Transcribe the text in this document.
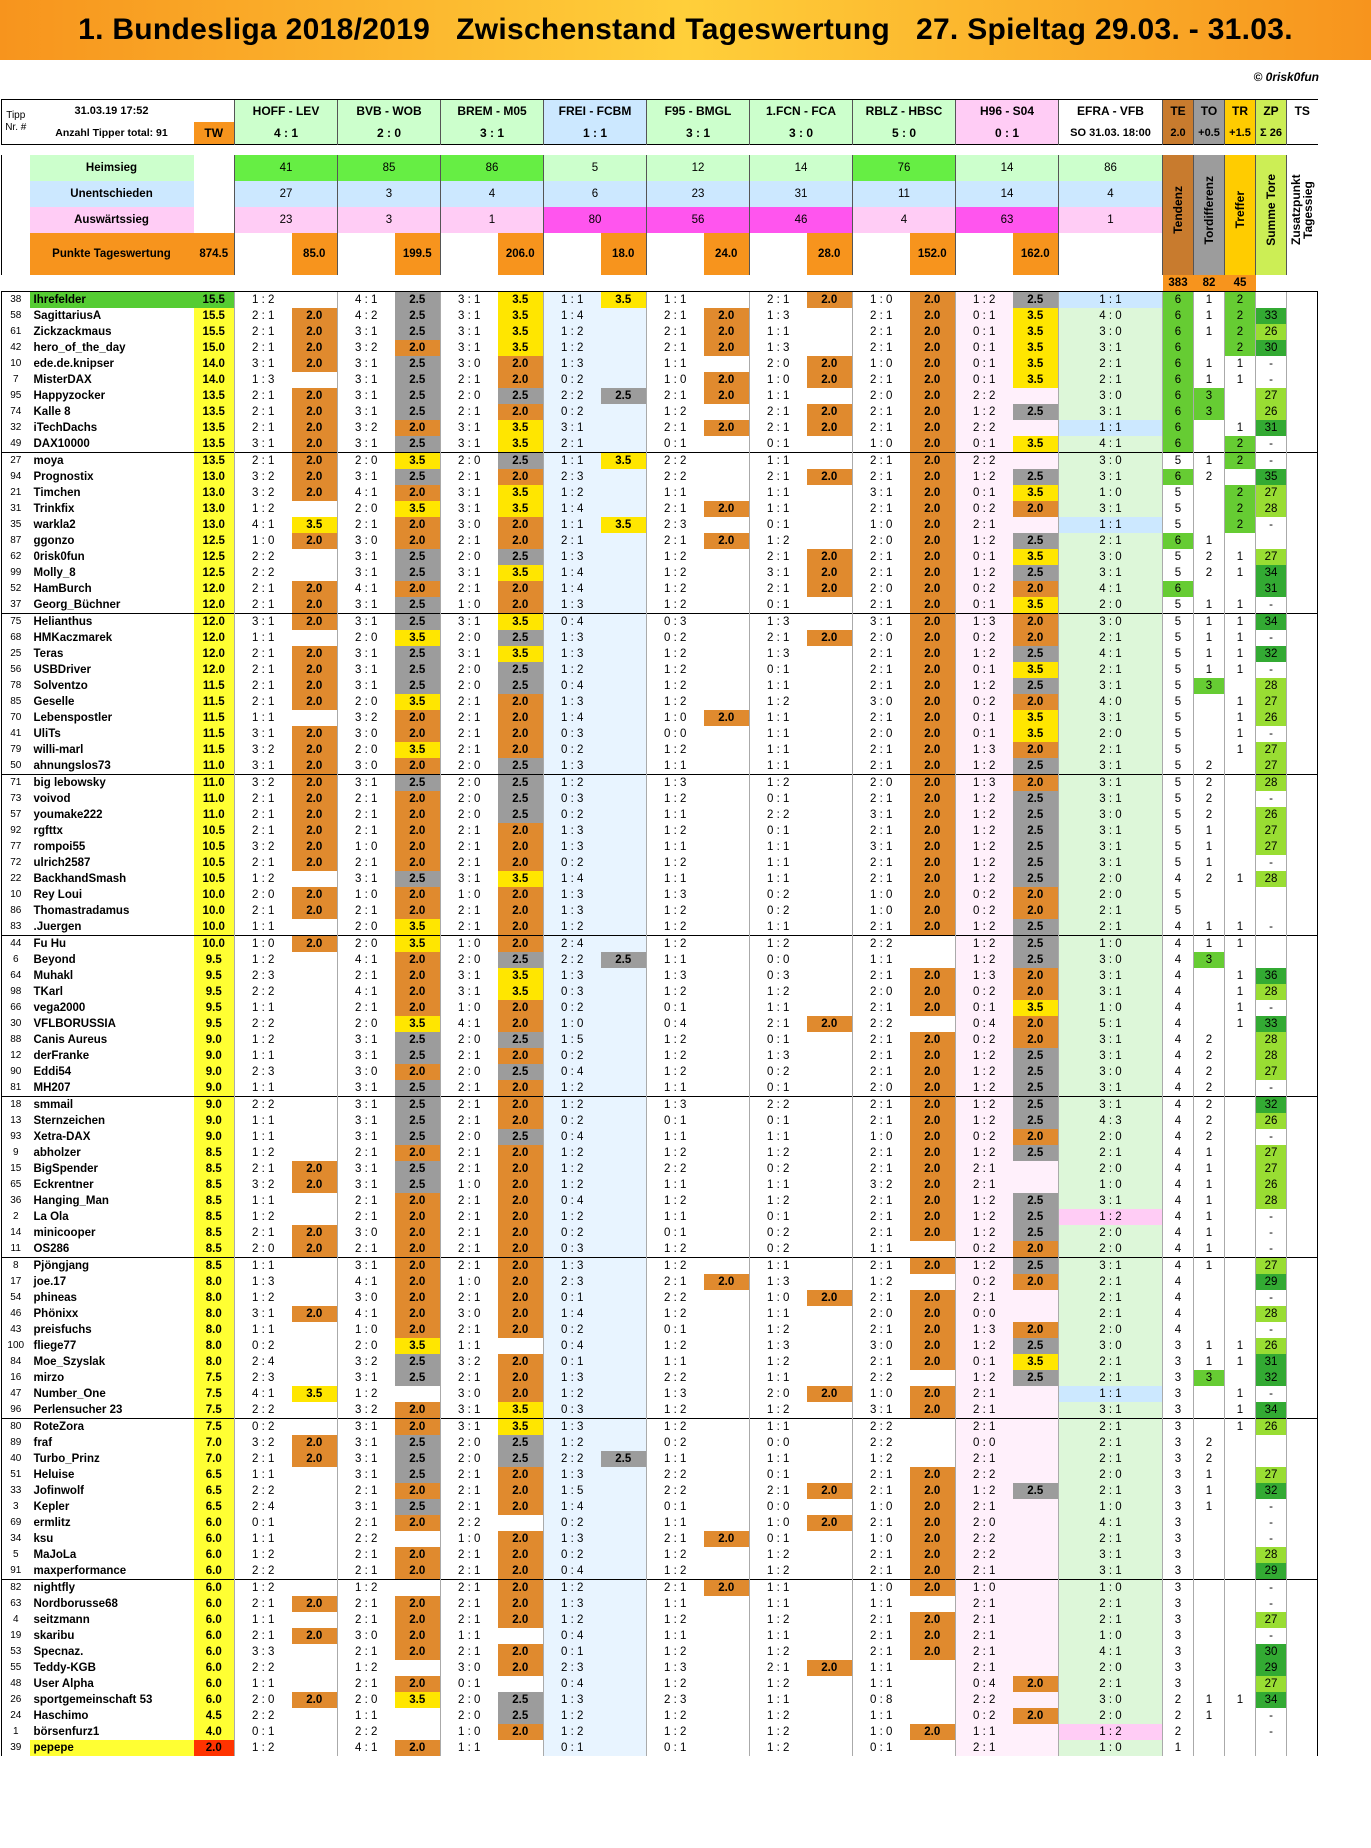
1. Bundesliga 2018/2019   Zwischenstand Tageswertung   27. Spieltag 29.03. - 31.03.
© 0risk0fun
Tipp	31.03.19 17:52		HOFF - LEV		BVB - WOB		BREM - M05		FREI - FCBM		F95 - BMGL		1.FCN - FCA		RBLZ - HBSC		H96 - S04		EFRA - VFB	TE	TO	TR	ZP	TS
Nr. #	Anzahl Tipper total: 91	TW	4 : 1		2 : 0		3 : 1		1 : 1		3 : 1		3 : 0		5 : 0		0 : 1		SO 31.03. 18:00	2.0	+0.5	+1.5	Σ 26	

	Heimsieg		41		85		86		5		12		14		76		14		86	Tendenz	Tordifferenz	Treffer	Summe Tore	Zusatzpunkt Tagessieg
	Unentschieden		27		3		4		6		23		31		11		14		4					
	Auswärtssieg		23		3		1		80		56		46		4		63		1					
	Punkte Tageswertung	874.5		85.0		199.5		206.0		18.0		24.0		28.0		152.0		162.0						
																				383	82	45		
38	Ihrefelder	15.5	1 : 2		4 : 1	2.5	3 : 1	3.5	1 : 1	3.5	1 : 1		2 : 1	2.0	1 : 0	2.0	1 : 2	2.5	1 : 1	6	1	2		
58	SagittariusA	15.5	2 : 1	2.0	4 : 2	2.5	3 : 1	3.5	1 : 4		2 : 1	2.0	1 : 3		2 : 1	2.0	0 : 1	3.5	4 : 0	6	1	2	33	
61	Zickzackmaus	15.5	2 : 1	2.0	3 : 1	2.5	3 : 1	3.5	1 : 2		2 : 1	2.0	1 : 1		2 : 1	2.0	0 : 1	3.5	3 : 0	6	1	2	26	
42	hero_of_the_day	15.0	2 : 1	2.0	3 : 2	2.0	3 : 1	3.5	1 : 2		2 : 1	2.0	1 : 3		2 : 1	2.0	0 : 1	3.5	3 : 1	6		2	30	
10	ede.de.knipser	14.0	3 : 1	2.0	3 : 1	2.5	3 : 0	2.0	1 : 3		1 : 1		2 : 0	2.0	1 : 0	2.0	0 : 1	3.5	2 : 1	6	1	1	-	
7	MisterDAX	14.0	1 : 3		3 : 1	2.5	2 : 1	2.0	0 : 2		1 : 0	2.0	1 : 0	2.0	2 : 1	2.0	0 : 1	3.5	2 : 1	6	1	1	-	
95	Happyzocker	13.5	2 : 1	2.0	3 : 1	2.5	2 : 0	2.5	2 : 2	2.5	2 : 1	2.0	1 : 1		2 : 0	2.0	2 : 2		3 : 0	6	3		27	
74	Kalle 8	13.5	2 : 1	2.0	3 : 1	2.5	2 : 1	2.0	0 : 2		1 : 2		2 : 1	2.0	2 : 1	2.0	1 : 2	2.5	3 : 1	6	3		26	
32	iTechDachs	13.5	2 : 1	2.0	3 : 2	2.0	3 : 1	3.5	3 : 1		2 : 1	2.0	2 : 1	2.0	2 : 1	2.0	2 : 2		1 : 1	6		1	31	
49	DAX10000	13.5	3 : 1	2.0	3 : 1	2.5	3 : 1	3.5	2 : 1		0 : 1		0 : 1		1 : 0	2.0	0 : 1	3.5	4 : 1	6		2	-	
27	moya	13.5	2 : 1	2.0	2 : 0	3.5	2 : 0	2.5	1 : 1	3.5	2 : 2		1 : 1		2 : 1	2.0	2 : 2		3 : 0	5	1	2	-	
94	Prognostix	13.0	3 : 2	2.0	3 : 1	2.5	2 : 1	2.0	2 : 3		2 : 2		2 : 1	2.0	2 : 1	2.0	1 : 2	2.5	3 : 1	6	2		35	
21	Timchen	13.0	3 : 2	2.0	4 : 1	2.0	3 : 1	3.5	1 : 2		1 : 1		1 : 1		3 : 1	2.0	0 : 1	3.5	1 : 0	5		2	27	
31	Trinkfix	13.0	1 : 2		2 : 0	3.5	3 : 1	3.5	1 : 4		2 : 1	2.0	1 : 1		2 : 1	2.0	0 : 2	2.0	3 : 1	5		2	28	
35	warkla2	13.0	4 : 1	3.5	2 : 1	2.0	3 : 0	2.0	1 : 1	3.5	2 : 3		0 : 1		1 : 0	2.0	2 : 1		1 : 1	5		2	-	
87	ggonzo	12.5	1 : 0	2.0	3 : 0	2.0	2 : 1	2.0	2 : 1		2 : 1	2.0	1 : 2		2 : 0	2.0	1 : 2	2.5	2 : 1	6	1			
62	0risk0fun	12.5	2 : 2		3 : 1	2.5	2 : 0	2.5	1 : 3		1 : 2		2 : 1	2.0	2 : 1	2.0	0 : 1	3.5	3 : 0	5	2	1	27	
99	Molly_8	12.5	2 : 2		3 : 1	2.5	3 : 1	3.5	1 : 4		1 : 2		3 : 1	2.0	2 : 1	2.0	1 : 2	2.5	3 : 1	5	2	1	34	
52	HamBurch	12.0	2 : 1	2.0	4 : 1	2.0	2 : 1	2.0	1 : 4		1 : 2		2 : 1	2.0	2 : 0	2.0	0 : 2	2.0	4 : 1	6			31	
37	Georg_Büchner	12.0	2 : 1	2.0	3 : 1	2.5	1 : 0	2.0	1 : 3		1 : 2		0 : 1		2 : 1	2.0	0 : 1	3.5	2 : 0	5	1	1	-	
75	Helianthus	12.0	3 : 1	2.0	3 : 1	2.5	3 : 1	3.5	0 : 4		0 : 3		1 : 3		3 : 1	2.0	1 : 3	2.0	3 : 0	5	1	1	34	
68	HMKaczmarek	12.0	1 : 1		2 : 0	3.5	2 : 0	2.5	1 : 3		0 : 2		2 : 1	2.0	2 : 0	2.0	0 : 2	2.0	2 : 1	5	1	1	-	
25	Teras	12.0	2 : 1	2.0	3 : 1	2.5	3 : 1	3.5	1 : 3		1 : 2		1 : 3		2 : 1	2.0	1 : 2	2.5	4 : 1	5	1	1	32	
56	USBDriver	12.0	2 : 1	2.0	3 : 1	2.5	2 : 0	2.5	1 : 2		1 : 2		0 : 1		2 : 1	2.0	0 : 1	3.5	2 : 1	5	1	1	-	
78	Solventzo	11.5	2 : 1	2.0	3 : 1	2.5	2 : 0	2.5	0 : 4		1 : 2		1 : 1		2 : 1	2.0	1 : 2	2.5	3 : 1	5	3		28	
85	Geselle	11.5	2 : 1	2.0	2 : 0	3.5	2 : 1	2.0	1 : 3		1 : 2		1 : 2		3 : 0	2.0	0 : 2	2.0	4 : 0	5		1	27	
70	Lebenspostler	11.5	1 : 1		3 : 2	2.0	2 : 1	2.0	1 : 4		1 : 0	2.0	1 : 1		2 : 1	2.0	0 : 1	3.5	3 : 1	5		1	26	
41	UliTs	11.5	3 : 1	2.0	3 : 0	2.0	2 : 1	2.0	0 : 3		0 : 0		1 : 1		2 : 0	2.0	0 : 1	3.5	2 : 0	5		1	-	
79	willi-marl	11.5	3 : 2	2.0	2 : 0	3.5	2 : 1	2.0	0 : 2		1 : 2		1 : 1		2 : 1	2.0	1 : 3	2.0	2 : 1	5		1	27	
50	ahnungslos73	11.0	3 : 1	2.0	3 : 0	2.0	2 : 0	2.5	1 : 3		1 : 1		1 : 1		2 : 1	2.0	1 : 2	2.5	3 : 1	5	2		27	
71	big lebowsky	11.0	3 : 2	2.0	3 : 1	2.5	2 : 0	2.5	1 : 2		1 : 3		1 : 2		2 : 0	2.0	1 : 3	2.0	3 : 1	5	2		28	
73	voivod	11.0	2 : 1	2.0	2 : 1	2.0	2 : 0	2.5	0 : 3		1 : 2		0 : 1		2 : 1	2.0	1 : 2	2.5	3 : 1	5	2		-	
57	youmake222	11.0	2 : 1	2.0	2 : 1	2.0	2 : 0	2.5	0 : 2		1 : 1		2 : 2		3 : 1	2.0	1 : 2	2.5	3 : 0	5	2		26	
92	rgfttx	10.5	2 : 1	2.0	2 : 1	2.0	2 : 1	2.0	1 : 3		1 : 2		0 : 1		2 : 1	2.0	1 : 2	2.5	3 : 1	5	1		27	
77	rompoi55	10.5	3 : 2	2.0	1 : 0	2.0	2 : 1	2.0	1 : 3		1 : 1		1 : 1		3 : 1	2.0	1 : 2	2.5	3 : 1	5	1		27	
72	ulrich2587	10.5	2 : 1	2.0	2 : 1	2.0	2 : 1	2.0	0 : 2		1 : 2		1 : 1		2 : 1	2.0	1 : 2	2.5	3 : 1	5	1		-	
22	BackhandSmash	10.5	1 : 2		3 : 1	2.5	3 : 1	3.5	1 : 4		1 : 1		1 : 1		2 : 1	2.0	1 : 2	2.5	2 : 0	4	2	1	28	
10	Rey Loui	10.0	2 : 0	2.0	1 : 0	2.0	1 : 0	2.0	1 : 3		1 : 3		0 : 2		1 : 0	2.0	0 : 2	2.0	2 : 0	5				
86	Thomastradamus	10.0	2 : 1	2.0	2 : 1	2.0	2 : 1	2.0	1 : 3		1 : 2		0 : 2		1 : 0	2.0	0 : 2	2.0	2 : 1	5				
83	.Juergen	10.0	1 : 1		2 : 0	3.5	2 : 1	2.0	1 : 2		1 : 2		1 : 1		2 : 1	2.0	1 : 2	2.5	2 : 1	4	1	1	-	
44	Fu Hu	10.0	1 : 0	2.0	2 : 0	3.5	1 : 0	2.0	2 : 4		1 : 2		1 : 2		2 : 2		1 : 2	2.5	1 : 0	4	1	1		
6	Beyond	9.5	1 : 2		4 : 1	2.0	2 : 0	2.5	2 : 2	2.5	1 : 1		0 : 0		1 : 1		1 : 2	2.5	3 : 0	4	3			
64	Muhakl	9.5	2 : 3		2 : 1	2.0	3 : 1	3.5	1 : 3		1 : 3		0 : 3		2 : 1	2.0	1 : 3	2.0	3 : 1	4		1	36	
98	TKarl	9.5	2 : 2		4 : 1	2.0	3 : 1	3.5	0 : 3		1 : 2		1 : 2		2 : 0	2.0	0 : 2	2.0	3 : 1	4		1	28	
66	vega2000	9.5	1 : 1		2 : 1	2.0	1 : 0	2.0	0 : 2		0 : 1		1 : 1		2 : 1	2.0	0 : 1	3.5	1 : 0	4		1	-	
30	VFLBORUSSIA	9.5	2 : 2		2 : 0	3.5	4 : 1	2.0	1 : 0		0 : 4		2 : 1	2.0	2 : 2		0 : 4	2.0	5 : 1	4		1	33	
88	Canis Aureus	9.0	1 : 2		3 : 1	2.5	2 : 0	2.5	1 : 5		1 : 2		0 : 1		2 : 1	2.0	0 : 2	2.0	3 : 1	4	2		28	
12	derFranke	9.0	1 : 1		3 : 1	2.5	2 : 1	2.0	0 : 2		1 : 2		1 : 3		2 : 1	2.0	1 : 2	2.5	3 : 1	4	2		28	
90	Eddi54	9.0	2 : 3		3 : 0	2.0	2 : 0	2.5	0 : 4		1 : 2		0 : 2		2 : 1	2.0	1 : 2	2.5	3 : 0	4	2		27	
81	MH207	9.0	1 : 1		3 : 1	2.5	2 : 1	2.0	1 : 2		1 : 1		0 : 1		2 : 0	2.0	1 : 2	2.5	3 : 1	4	2		-	
18	smmail	9.0	2 : 2		3 : 1	2.5	2 : 1	2.0	1 : 2		1 : 3		2 : 2		2 : 1	2.0	1 : 2	2.5	3 : 1	4	2		32	
13	Sternzeichen	9.0	1 : 1		3 : 1	2.5	2 : 1	2.0	0 : 2		0 : 1		0 : 1		2 : 1	2.0	1 : 2	2.5	4 : 3	4	2		26	
93	Xetra-DAX	9.0	1 : 1		3 : 1	2.5	2 : 0	2.5	0 : 4		1 : 1		1 : 1		1 : 0	2.0	0 : 2	2.0	2 : 0	4	2		-	
9	abholzer	8.5	1 : 2		2 : 1	2.0	2 : 1	2.0	1 : 2		1 : 2		1 : 2		2 : 1	2.0	1 : 2	2.5	2 : 1	4	1		27	
15	BigSpender	8.5	2 : 1	2.0	3 : 1	2.5	2 : 1	2.0	1 : 2		2 : 2		0 : 2		2 : 1	2.0	2 : 1		2 : 0	4	1		27	
65	Eckrentner	8.5	3 : 2	2.0	3 : 1	2.5	1 : 0	2.0	1 : 2		1 : 1		1 : 1		3 : 2	2.0	2 : 1		1 : 0	4	1		26	
36	Hanging_Man	8.5	1 : 1		2 : 1	2.0	2 : 1	2.0	0 : 4		1 : 2		1 : 2		2 : 1	2.0	1 : 2	2.5	3 : 1	4	1		28	
2	La Ola	8.5	1 : 2		2 : 1	2.0	2 : 1	2.0	1 : 2		1 : 1		0 : 1		2 : 1	2.0	1 : 2	2.5	1 : 2	4	1		-	
14	minicooper	8.5	2 : 1	2.0	3 : 0	2.0	2 : 1	2.0	0 : 2		0 : 1		0 : 2		2 : 1	2.0	1 : 2	2.5	2 : 0	4	1		-	
11	OS286	8.5	2 : 0	2.0	2 : 1	2.0	2 : 1	2.0	0 : 3		1 : 2		0 : 2		1 : 1		0 : 2	2.0	2 : 0	4	1		-	
8	Pjöngjang	8.5	1 : 1		3 : 1	2.0	2 : 1	2.0	1 : 3		1 : 2		1 : 1		2 : 1	2.0	1 : 2	2.5	3 : 1	4	1		27	
17	joe.17	8.0	1 : 3		4 : 1	2.0	1 : 0	2.0	2 : 3		2 : 1	2.0	1 : 3		1 : 2		0 : 2	2.0	2 : 1	4			29	
54	phineas	8.0	1 : 2		3 : 0	2.0	2 : 1	2.0	0 : 1		2 : 2		1 : 0	2.0	2 : 1	2.0	2 : 1		2 : 1	4			-	
46	Phönixx	8.0	3 : 1	2.0	4 : 1	2.0	3 : 0	2.0	1 : 4		1 : 2		1 : 1		2 : 0	2.0	0 : 0		2 : 1	4			28	
43	preisfuchs	8.0	1 : 1		1 : 0	2.0	2 : 1	2.0	0 : 2		0 : 1		1 : 2		2 : 1	2.0	1 : 3	2.0	2 : 0	4			-	
100	fliege77	8.0	0 : 2		2 : 0	3.5	1 : 1		0 : 4		1 : 2		1 : 3		3 : 0	2.0	1 : 2	2.5	3 : 0	3	1	1	26	
84	Moe_Szyslak	8.0	2 : 4		3 : 2	2.5	3 : 2	2.0	0 : 1		1 : 1		1 : 2		2 : 1	2.0	0 : 1	3.5	2 : 1	3	1	1	31	
16	mirzo	7.5	2 : 3		3 : 1	2.5	2 : 1	2.0	1 : 3		2 : 2		1 : 1		2 : 2		1 : 2	2.5	2 : 1	3	3		32	
47	Number_One	7.5	4 : 1	3.5	1 : 2		3 : 0	2.0	1 : 2		1 : 3		2 : 0	2.0	1 : 0	2.0	2 : 1		1 : 1	3		1	-	
96	Perlensucher 23	7.5	2 : 2		3 : 2	2.0	3 : 1	3.5	0 : 3		1 : 2		1 : 2		3 : 1	2.0	2 : 1		3 : 1	3		1	34	
80	RoteZora	7.5	0 : 2		3 : 1	2.0	3 : 1	3.5	1 : 3		1 : 2		1 : 1		2 : 2		2 : 1		2 : 1	3		1	26	
89	fraf	7.0	3 : 2	2.0	3 : 1	2.5	2 : 0	2.5	1 : 2		0 : 2		0 : 0		2 : 2		0 : 0		2 : 1	3	2			
40	Turbo_Prinz	7.0	2 : 1	2.0	3 : 1	2.5	2 : 0	2.5	2 : 2	2.5	1 : 1		1 : 1		1 : 2		2 : 1		2 : 1	3	2			
51	Heluise	6.5	1 : 1		3 : 1	2.5	2 : 1	2.0	1 : 3		2 : 2		0 : 1		2 : 1	2.0	2 : 2		2 : 0	3	1		27	
33	Jofinwolf	6.5	2 : 2		2 : 1	2.0	2 : 1	2.0	1 : 5		2 : 2		2 : 1	2.0	2 : 1	2.0	1 : 2	2.5	2 : 1	3	1		32	
3	Kepler	6.5	2 : 4		3 : 1	2.5	2 : 1	2.0	1 : 4		0 : 1		0 : 0		1 : 0	2.0	2 : 1		1 : 0	3	1		-	
69	ermlitz	6.0	0 : 1		2 : 1	2.0	2 : 2		0 : 2		1 : 1		1 : 0	2.0	2 : 1	2.0	2 : 0		4 : 1	3			-	
34	ksu	6.0	1 : 1		2 : 2		1 : 0	2.0	1 : 3		2 : 1	2.0	0 : 1		1 : 0	2.0	2 : 2		2 : 1	3			-	
5	MaJoLa	6.0	1 : 2		2 : 1	2.0	2 : 1	2.0	0 : 2		1 : 2		1 : 2		2 : 1	2.0	2 : 2		3 : 1	3			28	
91	maxperformance	6.0	2 : 2		2 : 1	2.0	2 : 1	2.0	0 : 4		1 : 2		1 : 2		2 : 1	2.0	2 : 1		3 : 1	3			29	
82	nightfly	6.0	1 : 2		1 : 2		2 : 1	2.0	1 : 2		2 : 1	2.0	1 : 1		1 : 0	2.0	1 : 0		1 : 0	3			-	
63	Nordborusse68	6.0	2 : 1	2.0	2 : 1	2.0	2 : 1	2.0	1 : 3		1 : 1		1 : 1		1 : 1		2 : 1		2 : 1	3			-	
4	seitzmann	6.0	1 : 1		2 : 1	2.0	2 : 1	2.0	1 : 2		1 : 2		1 : 2		2 : 1	2.0	2 : 1		2 : 1	3			27	
19	skaribu	6.0	2 : 1	2.0	3 : 0	2.0	1 : 1		0 : 4		1 : 1		1 : 1		2 : 1	2.0	2 : 1		1 : 0	3			-	
53	Specnaz.	6.0	3 : 3		2 : 1	2.0	2 : 1	2.0	0 : 1		1 : 2		1 : 2		2 : 1	2.0	2 : 1		4 : 1	3			30	
55	Teddy-KGB	6.0	2 : 2		1 : 2		3 : 0	2.0	2 : 3		1 : 3		2 : 1	2.0	1 : 1		2 : 1		2 : 0	3			29	
48	User Alpha	6.0	1 : 1		2 : 1	2.0	0 : 1		0 : 4		1 : 2		1 : 2		1 : 1		0 : 4	2.0	2 : 1	3			27	
26	sportgemeinschaft 53	6.0	2 : 0	2.0	2 : 0	3.5	2 : 0	2.5	1 : 3		2 : 3		1 : 1		0 : 8		2 : 2		3 : 0	2	1	1	34	
24	Haschimo	4.5	2 : 2		1 : 1		2 : 0	2.5	1 : 2		1 : 2		1 : 2		1 : 1		0 : 2	2.0	2 : 0	2	1		-	
1	börsenfurz1	4.0	0 : 1		2 : 2		1 : 0	2.0	1 : 2		1 : 2		1 : 2		1 : 0	2.0	1 : 1		1 : 2	2			-	
39	pepepe	2.0	1 : 2		4 : 1	2.0	1 : 1		0 : 1		0 : 1		1 : 2		0 : 1		2 : 1		1 : 0	1				
